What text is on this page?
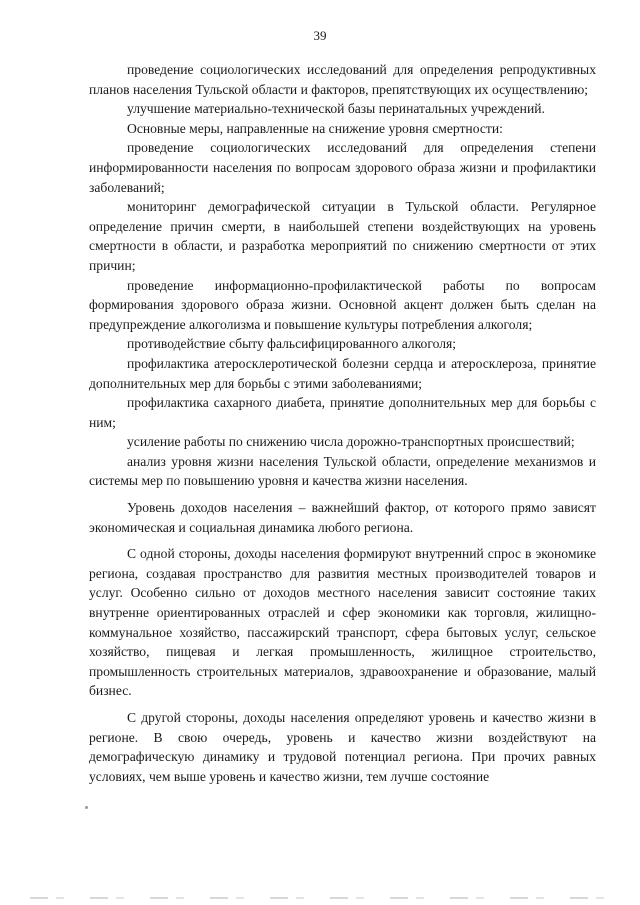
39

проведение социологических исследований для определения репродуктивных планов населения Тульской области и факторов, препятствующих их осуществлению;

улучшение материально-технической базы перинатальных учреждений.

Основные меры, направленные на снижение уровня смертности:

проведение социологических исследований для определения степени информированности населения по вопросам здорового образа жизни и профилактики заболеваний;

мониторинг демографической ситуации в Тульской области. Регулярное определение причин смерти, в наибольшей степени воздействующих на уровень смертности в области, и разработка мероприятий по снижению смертности от этих причин;

проведение информационно-профилактической работы по вопросам формирования здорового образа жизни. Основной акцент должен быть сделан на предупреждение алкоголизма и повышение культуры потребления алкоголя;

противодействие сбыту фальсифицированного алкоголя;

профилактика атеросклеротической болезни сердца и атеросклероза, принятие дополнительных мер для борьбы с этими заболеваниями;

профилактика сахарного диабета, принятие дополнительных мер для борьбы с ним;

усиление работы по снижению числа дорожно-транспортных происшествий;

анализ уровня жизни населения Тульской области, определение механизмов и системы мер по повышению уровня и качества жизни населения.

Уровень доходов населения – важнейший фактор, от которого прямо зависят экономическая и социальная динамика любого региона.

С одной стороны, доходы населения формируют внутренний спрос в экономике региона, создавая пространство для развития местных производителей товаров и услуг. Особенно сильно от доходов местного населения зависит состояние таких внутренне ориентированных отраслей и сфер экономики как торговля, жилищно-коммунальное хозяйство, пассажирский транспорт, сфера бытовых услуг, сельское хозяйство, пищевая и легкая промышленность, жилищное строительство, промышленность строительных материалов, здравоохранение и образование, малый бизнес.

С другой стороны, доходы населения определяют уровень и качество жизни в регионе. В свою очередь, уровень и качество жизни воздействуют на демографическую динамику и трудовой потенциал региона. При прочих равных условиях, чем выше уровень и качество жизни, тем лучше состояние
